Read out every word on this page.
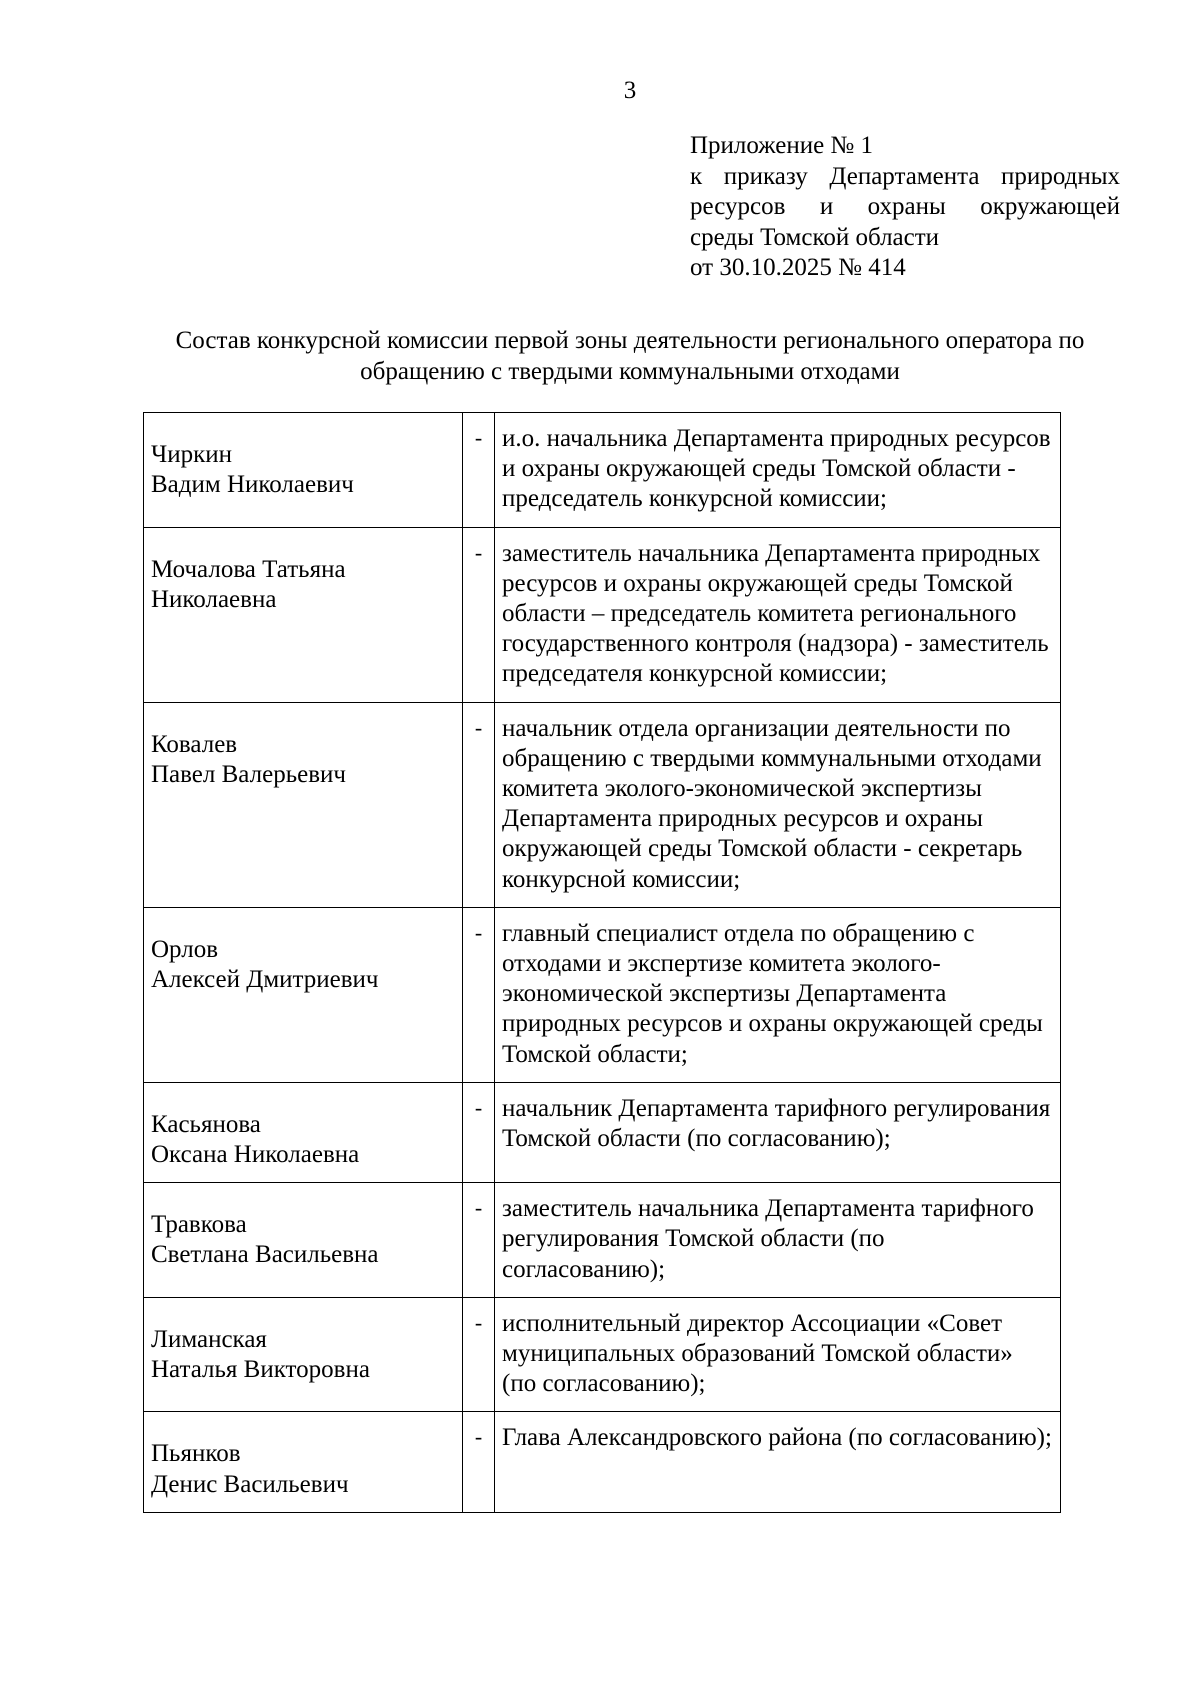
3
Приложение № 1
к приказу Департамента природных
ресурсов и охраны окружающей
среды Томской области
от 30.10.2025 № 414
Состав конкурсной комиссии первой зоны деятельности регионального оператора по
обращению с твердыми коммунальными отходами
Чиркин
Вадим Николаевич	-	и.о. начальника Департамента природных ресурсов и охраны окружающей среды Томской области - председатель конкурсной комиссии;

Мочалова Татьяна
Николаевна	-	заместитель начальника Департамента природных ресурсов и охраны окружающей среды Томской области – председатель комитета регионального государственного контроля (надзора) - заместитель председателя конкурсной комиссии;

Ковалев
Павел Валерьевич	-	начальник отдела организации деятельности по обращению с твердыми коммунальными отходами комитета эколого-экономической экспертизы Департамента природных ресурсов и охраны окружающей среды Томской области - секретарь конкурсной комиссии;

Орлов
Алексей Дмитриевич	-	главный специалист отдела по обращению с отходами и экспертизе комитета эколого-экономической экспертизы Департамента природных ресурсов и охраны окружающей среды Томской области;

Касьянова
Оксана Николаевна	-	начальник Департамента тарифного регулирования Томской области (по согласованию);

Травкова
Светлана Васильевна	-	заместитель начальника Департамента тарифного регулирования Томской области (по согласованию);

Лиманская
Наталья Викторовна	-	исполнительный директор Ассоциации «Совет муниципальных образований Томской области» (по согласованию);

Пьянков
Денис Васильевич	-	Глава Александровского района (по согласованию);
